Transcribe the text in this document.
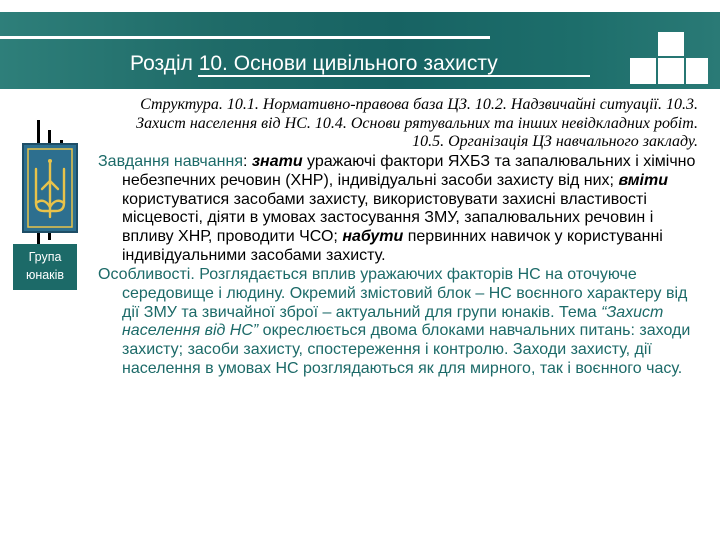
Розділ 10. Основи цивільного захисту
Група
юнаків
Структура. 10.1. Нормативно-правова база ЦЗ. 10.2. Надзвичайні ситуації. 10.3. Захист населення від НС. 10.4. Основи рятувальних та інших невідкладних робіт. 10.5. Організація ЦЗ навчального закладу.
Завдання навчання: знати уражаючі фактори ЯХБЗ та запалювальних і хімічно небезпечних речовин (ХНР), індивідуальні засоби захисту від них; вміти користуватися засобами захисту, використовувати захисні властивості місцевості, діяти в умовах застосування ЗМУ, запалювальних речовин і впливу ХНР, проводити ЧСО; набути первинних навичок у користуванні індивідуальними засобами захисту.
Особливості. Розглядається вплив уражаючих факторів НС на оточуюче середовище і людину. Окремий змістовий блок – НС воєнного характеру від дії ЗМУ та звичайної зброї – актуальний для групи юнаків. Тема “Захист населення від НС” окреслюється двома блоками навчальних питань: заходи захисту; засоби захисту, спостереження і контролю. Заходи захисту, дії населення в умовах НС розглядаються як для мирного, так і воєнного часу.
